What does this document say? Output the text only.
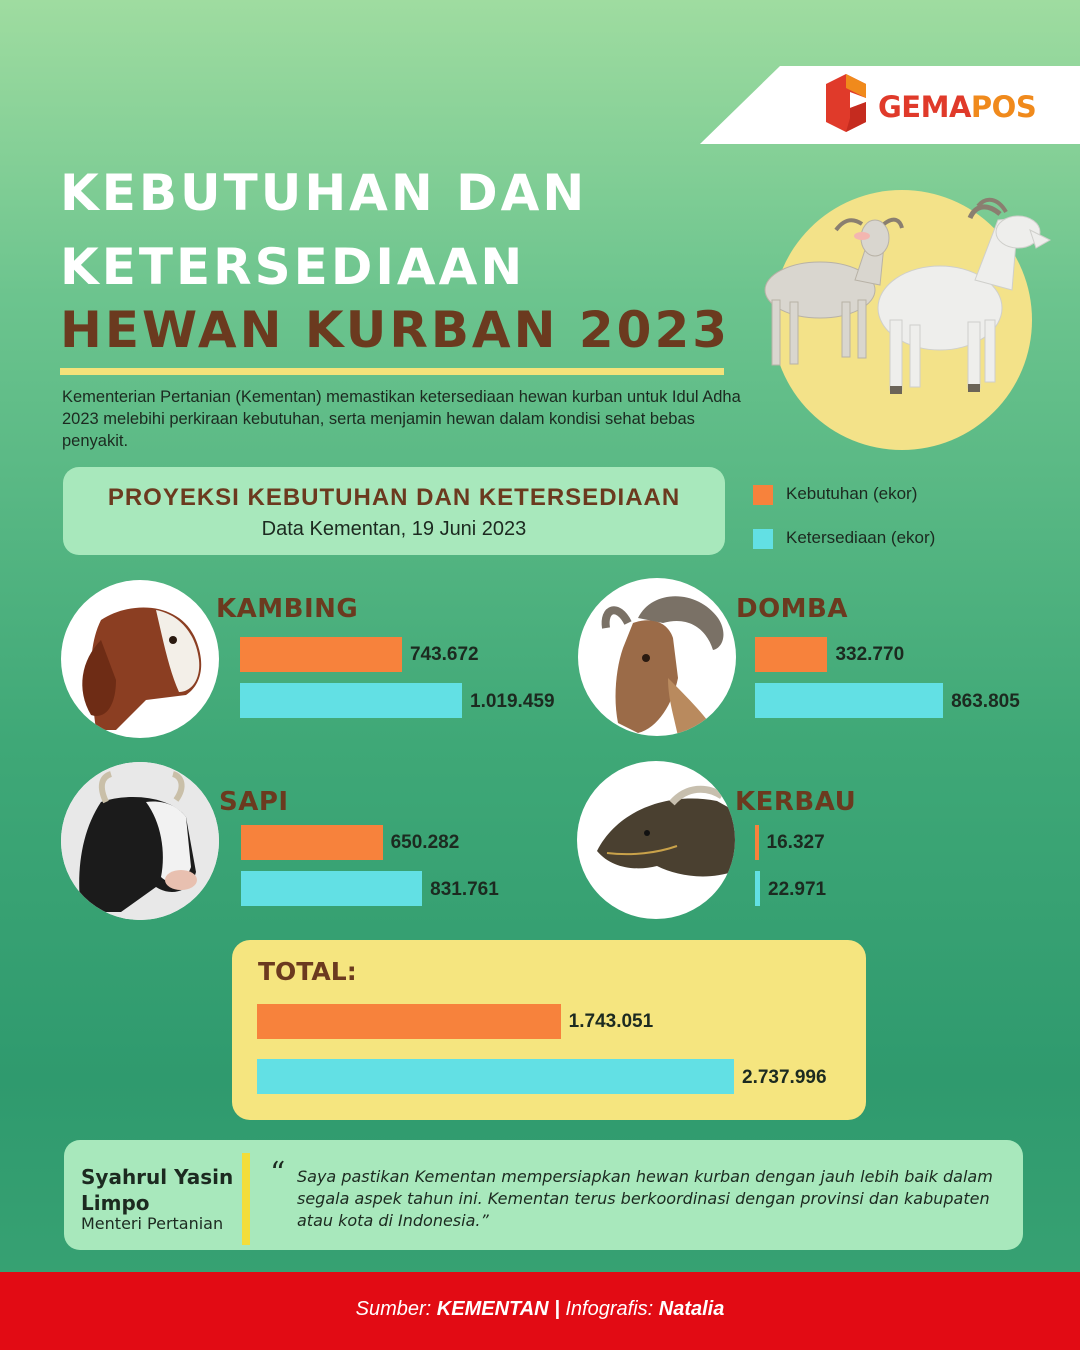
GEMAPOS
KEBUTUHAN DAN
KETERSEDIAAN
HEWAN KURBAN 2023
Kementerian Pertanian (Kementan) memastikan ketersediaan hewan kurban untuk Idul Adha 2023 melebihi perkiraan kebutuhan, serta menjamin hewan dalam kondisi sehat bebas penyakit.
PROYEKSI KEBUTUHAN DAN KETERSEDIAAN
Data Kementan, 19 Juni 2023
Kebutuhan (ekor)
Ketersediaan (ekor)
743.672
1.019.459
332.770
863.805
650.282
831.761
16.327
22.971
KAMBING	DOMBA
SAPI	KERBAU
TOTAL:
1.743.051
2.737.996
Syahrul Yasin Limpo
Menteri Pertanian
“ Saya pastikan Kementan mempersiapkan hewan kurban dengan jauh lebih baik dalam segala aspek tahun ini. Kementan terus berkoordinasi dengan provinsi dan kabupaten atau kota di Indonesia.”
Sumber: KEMENTAN | Infografis: Natalia
